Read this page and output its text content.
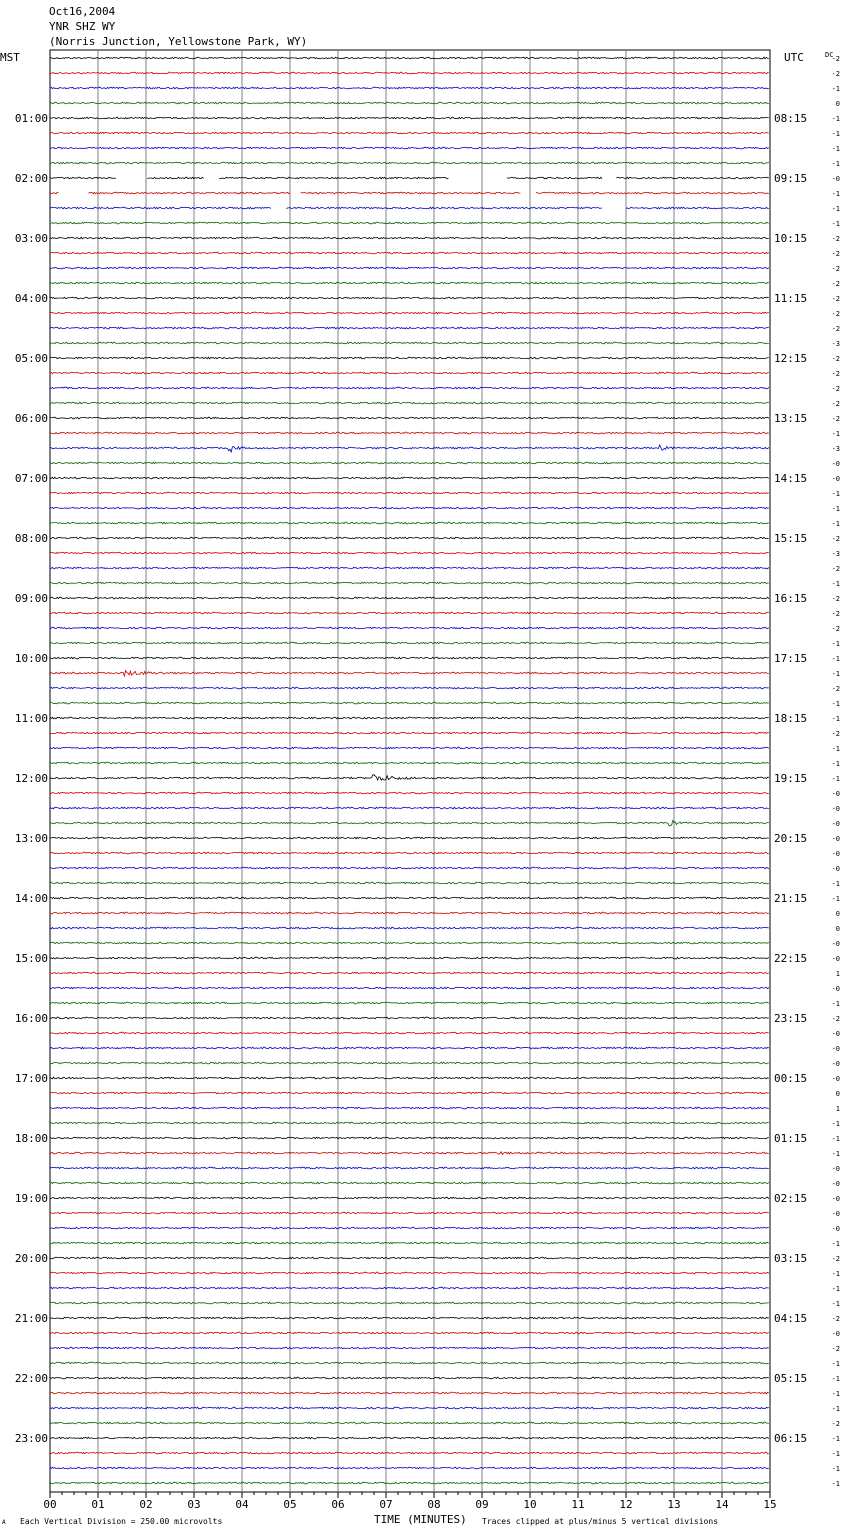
Oct16,2004
YNR SHZ WY
(Norris Junction, Yellowstone Park, WY)
-2
-2
-1
0
-1
-1
-1
-1
-0
-1
-1
-1
-2
-2
-2
-2
-2
-2
-2
-3
-2
-2
-2
-2
-2
-1
-3
-0
-0
-1
-1
-1
-2
-3
-2
-1
-2
-2
-2
-1
-1
-1
-2
-1
-1
-2
-1
-1
-1
-0
-0
-0
-0
-0
-0
-1
-1
0
0
-0
-0
1
-0
-1
-2
-0
-0
-0
-0
0
1
-1
-1
-1
-0
-0
-0
-0
-0
-1
-2
-1
-1
-1
-2
-0
-2
-1
-1
-1
-1
-2
-1
-1
-1
-1
01:00
02:00
03:00
04:00
05:00
06:00
07:00
08:00
09:00
10:00
11:00
12:00
13:00
14:00
15:00
16:00
17:00
18:00
19:00
20:00
21:00
22:00
23:00
08:15
09:15
10:15
11:15
12:15
13:15
14:15
15:15
16:15
17:15
18:15
19:15
20:15
21:15
22:15
23:15
00:15
01:15
02:15
03:15
04:15
05:15
06:15
MST	UTC	DC
00	01	02	03	04	05	06	07	08	09	10	11	12	13	14	15
A Each Vertical Division = 250.00 microvolts	TIME (MINUTES) Traces clipped at plus/minus 5 vertical divisions
